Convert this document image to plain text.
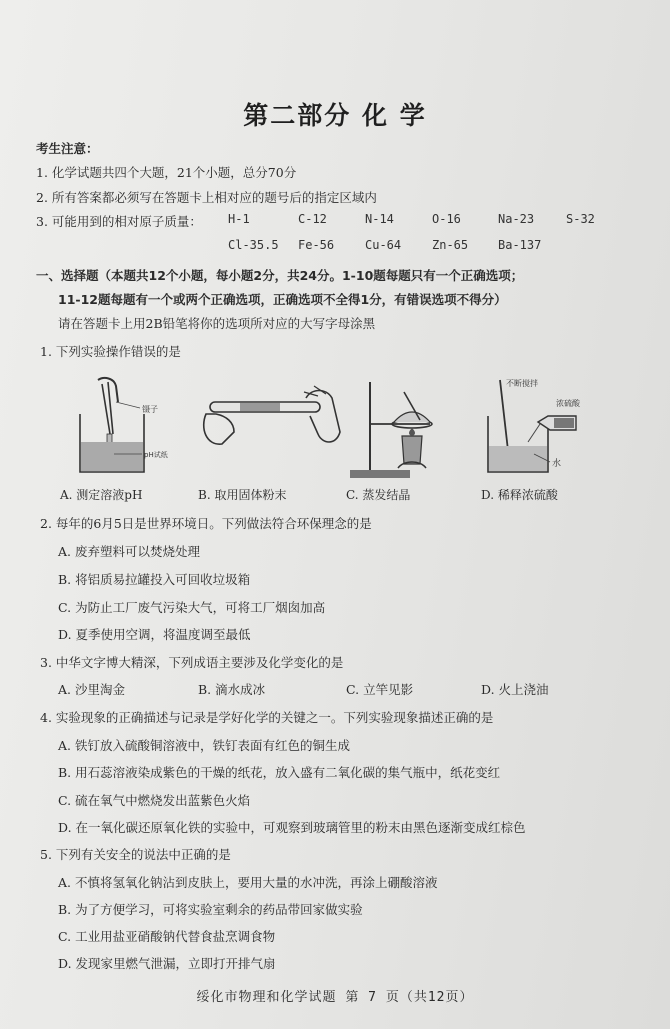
第二部分 化 学
考生注意：
1. 化学试题共四个大题，21个小题，总分70分
2. 所有答案都必须写在答题卡上相对应的题号后的指定区域内
3. 可能用到的相对原子质量： H-1	C-12	N-14	O-16	Na-23	S-32
Cl-35.5 Fe-56	Cu-64	Zn-65 Ba-137
一、选择题（本题共12个小题，每小题2分，共24分。1-10题每题只有一个正确选项；
11-12题每题有一个或两个正确选项，正确选项不全得1分，有错误选项不得分）
请在答题卡上用2B铅笔将你的选项所对应的大写字母涂黑
1. 下列实验操作错误的是
镊子
pH试纸
不断搅拌
浓硫酸
水
A. 测定溶液pH	B. 取用固体粉末	C. 蒸发结晶	D. 稀释浓硫酸
2. 每年的6月5日是世界环境日。下列做法符合环保理念的是
A. 废弃塑料可以焚烧处理
B. 将铝质易拉罐投入可回收垃圾箱
C. 为防止工厂废气污染大气，可将工厂烟囱加高
D. 夏季使用空调，将温度调至最低
3. 中华文字博大精深，下列成语主要涉及化学变化的是
A. 沙里淘金	B. 滴水成冰	C. 立竿见影	D. 火上浇油
4. 实验现象的正确描述与记录是学好化学的关键之一。下列实验现象描述正确的是
A. 铁钉放入硫酸铜溶液中，铁钉表面有红色的铜生成
B. 用石蕊溶液染成紫色的干燥的纸花，放入盛有二氧化碳的集气瓶中，纸花变红
C. 硫在氧气中燃烧发出蓝紫色火焰
D. 在一氧化碳还原氧化铁的实验中，可观察到玻璃管里的粉末由黑色逐渐变成红棕色
5. 下列有关安全的说法中正确的是
A. 不慎将氢氧化钠沾到皮肤上，要用大量的水冲洗，再涂上硼酸溶液
B. 为了方便学习，可将实验室剩余的药品带回家做实验
C. 工业用盐亚硝酸钠代替食盐烹调食物
D. 发现家里燃气泄漏，立即打开排气扇
绥化市物理和化学试题 第 7 页（共12页）
